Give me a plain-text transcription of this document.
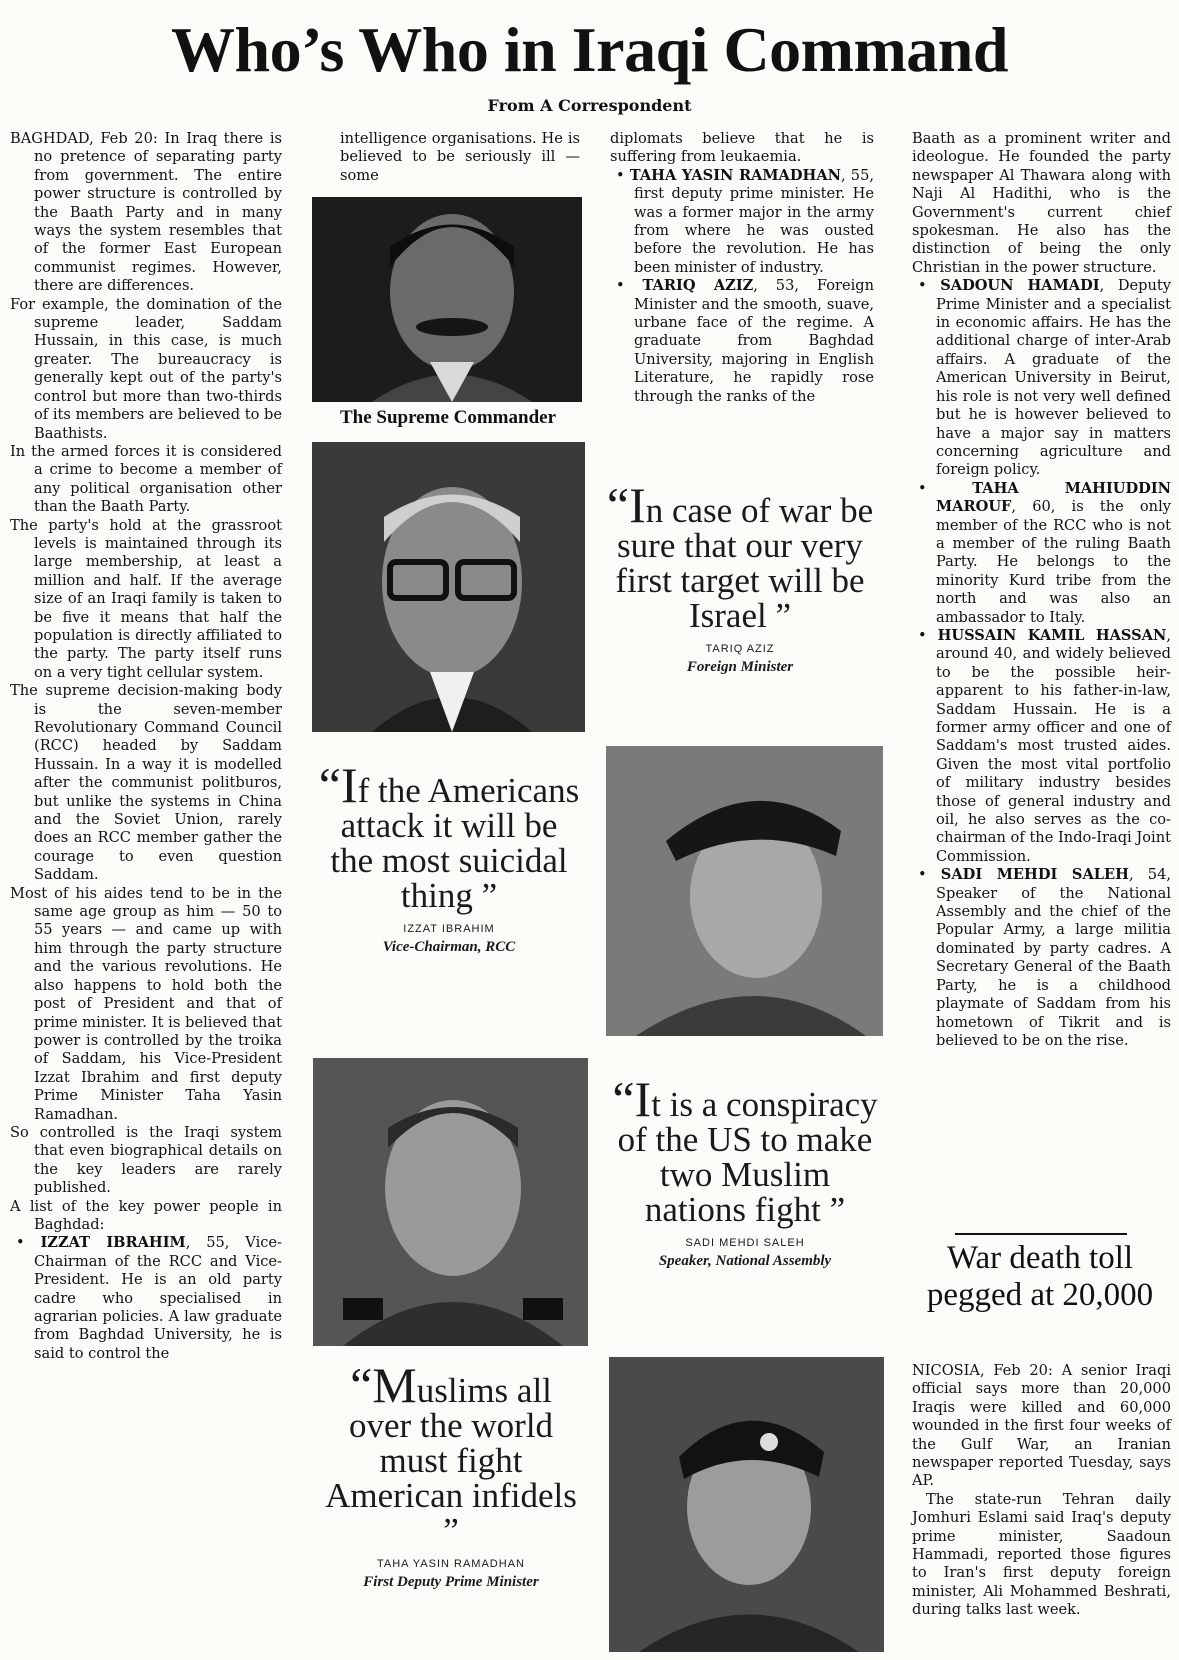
Who’s Who in Iraqi Command
From A Correspondent

BAGHDAD, Feb 20: In Iraq there is no pretence of separating party from government. The entire power structure is controlled by the Baath Party and in many ways the system resembles that of the former East European communist regimes. However, there are differences.

For example, the domination of the supreme leader, Saddam Hussain, in this case, is much greater. The bureaucracy is generally kept out of the party's control but more than two-thirds of its members are believed to be Baathists.

In the armed forces it is considered a crime to become a member of any political organisation other than the Baath Party.

The party's hold at the grassroot levels is maintained through its large membership, at least a million and half. If the average size of an Iraqi family is taken to be five it means that half the population is directly affiliated to the party. The party itself runs on a very tight cellular system.

The supreme decision-making body is the seven-member Revolutionary Command Council (RCC) headed by Saddam Hussain. In a way it is modelled after the communist politburos, but unlike the systems in China and the Soviet Union, rarely does an RCC member gather the courage to even question Saddam.

Most of his aides tend to be in the same age group as him — 50 to 55 years — and came up with him through the party structure and the various revolutions. He also happens to hold both the post of President and that of prime minister. It is believed that power is controlled by the troika of Saddam, his Vice-President Izzat Ibrahim and first deputy Prime Minister Taha Yasin Ramadhan.

So controlled is the Iraqi system that even biographical details on the key leaders are rarely published.

A list of the key power people in Baghdad:

• IZZAT IBRAHIM, 55, Vice-Chairman of the RCC and Vice- President. He is an old party cadre who specialised in agrarian policies. A law graduate from Baghdad University, he is said to control the

intelligence organisations. He is believed to be seriously ill — some

The Supreme Commander
“If the Americans attack it will be the most suicidal thing ”
IZZAT IBRAHIM
Vice-Chairman, RCC
“Muslims all over the world must fight American infidels ”
TAHA YASIN RAMADHAN
First Deputy Prime Minister

diplomats believe that he is suffering from leukaemia.

• TAHA YASIN RAMADHAN, 55, first deputy prime minister. He was a former major in the army from where he was ousted before the revolution. He has been minister of industry.

• TARIQ AZIZ, 53, Foreign Minister and the smooth, suave, urbane face of the regime. A graduate from Baghdad University, majoring in English Literature, he rapidly rose through the ranks of the

“In case of war be sure that our very first target will be Israel ”
TARIQ AZIZ
Foreign Minister
“It is a conspiracy of the US to make two Muslim nations fight ”
SADI MEHDI SALEH
Speaker, National Assembly

Baath as a prominent writer and ideologue. He founded the party newspaper Al Thawara along with Naji Al Hadithi, who is the Government's current chief spokesman. He also has the distinction of being the only Christian in the power structure.

• SADOUN HAMADI, Deputy Prime Minister and a specialist in economic affairs. He has the additional charge of inter-Arab affairs. A graduate of the American University in Beirut, his role is not very well defined but he is however believed to have a major say in matters concerning agriculture and foreign policy.

• TAHA MAHIUDDIN MAROUF, 60, is the only member of the RCC who is not a member of the ruling Baath Party. He belongs to the minority Kurd tribe from the north and was also an ambassador to Italy.

• HUSSAIN KAMIL HASSAN, around 40, and widely believed to be the possible heir-apparent to his father-in-law, Saddam Hussain. He is a former army officer and one of Saddam's most trusted aides. Given the most vital portfolio of military industry besides those of general industry and oil, he also serves as the co-chairman of the Indo-Iraqi Joint Commission.

• SADI MEHDI SALEH, 54, Speaker of the National Assembly and the chief of the Popular Army, a large militia dominated by party cadres. A Secretary General of the Baath Party, he is a childhood playmate of Saddam from his hometown of Tikrit and is believed to be on the rise.

War death toll pegged at 20,000

NICOSIA, Feb 20: A senior Iraqi official says more than 20,000 Iraqis were killed and 60,000 wounded in the first four weeks of the Gulf War, an Iranian newspaper reported Tuesday, says AP.

The state-run Tehran daily Jomhuri Eslami said Iraq's deputy prime minister, Saadoun Hammadi, reported those figures to Iran's first deputy foreign minister, Ali Mohammed Beshrati, during talks last week.
